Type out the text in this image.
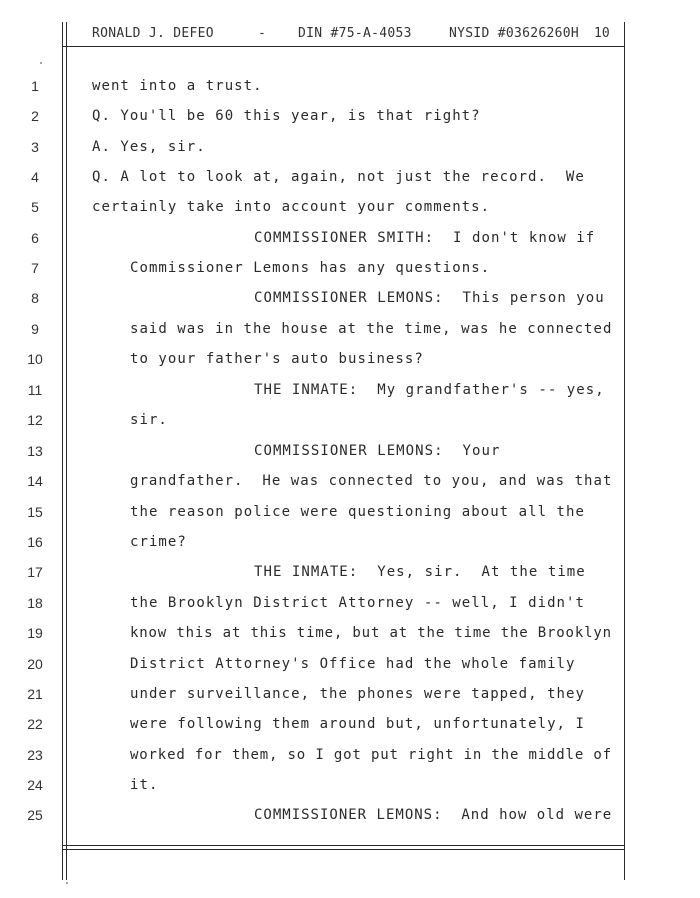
RONALD J. DEFEO

	-

DIN #75-A-4053

	NYSID #03626260H

10
1	went into a trust.
2	Q. You'll be 60 this year, is that right?
3	A. Yes, sir.
4	Q. A lot to look at, again, not just the record.  We
5	certainly take into account your comments.
6	COMMISSIONER SMITH:  I don't know if
7	Commissioner Lemons has any questions.
8	COMMISSIONER LEMONS:  This person you
9	said was in the house at the time, was he connected
10	to your father's auto business?
11	THE INMATE:  My grandfather's -- yes,
12	sir.
13	COMMISSIONER LEMONS:  Your
14	grandfather.  He was connected to you, and was that
15	the reason police were questioning about all the
16	crime?
17	THE INMATE:  Yes, sir.  At the time
18	the Brooklyn District Attorney -- well, I didn't
19	know this at this time, but at the time the Brooklyn
20	District Attorney's Office had the whole family
21	under surveillance, the phones were tapped, they
22	were following them around but, unfortunately, I
23	worked for them, so I got put right in the middle of
24	it.
25	COMMISSIONER LEMONS:  And how old were
